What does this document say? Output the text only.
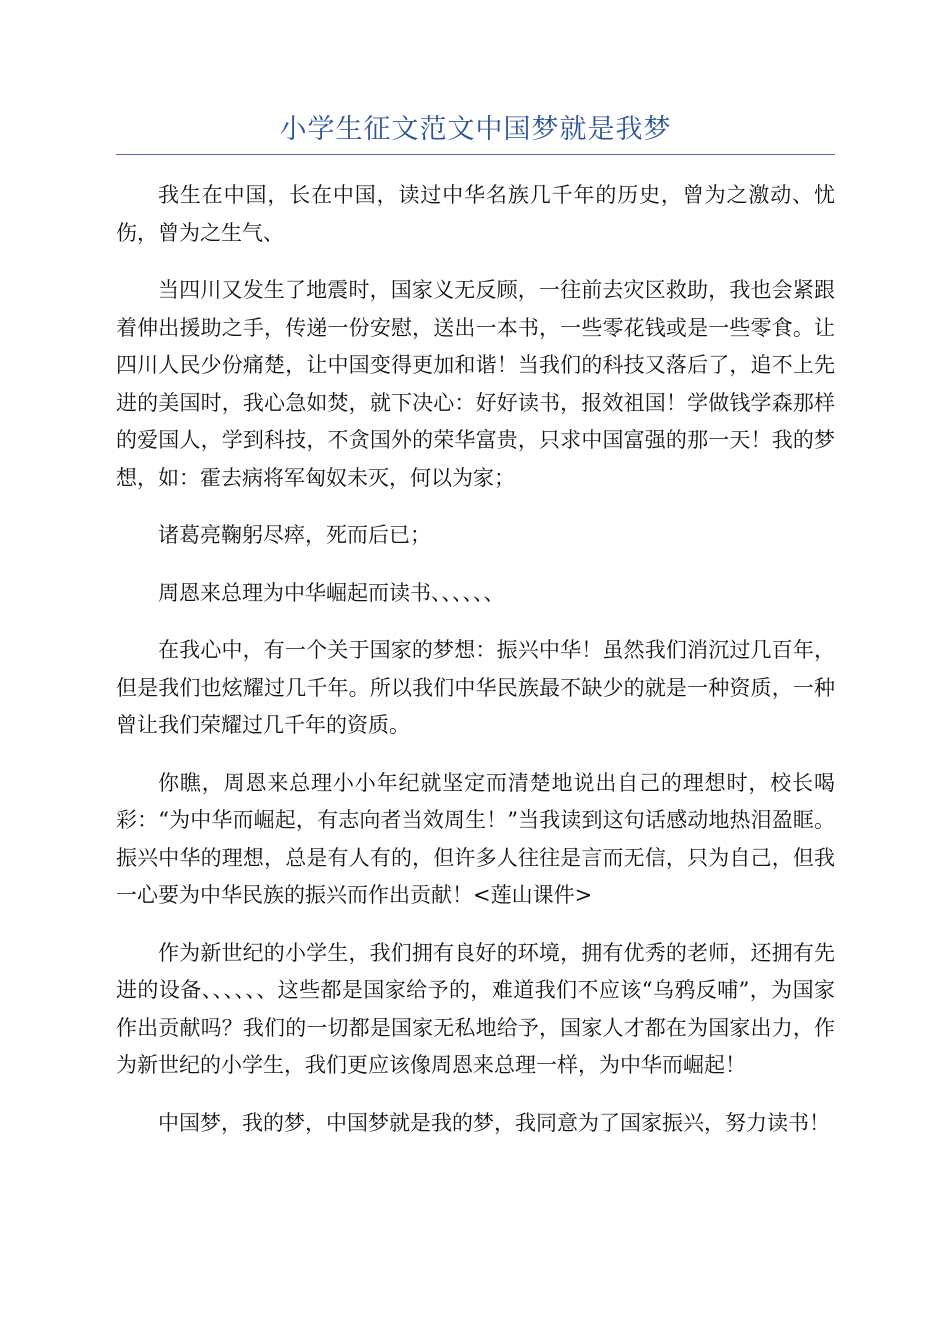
小学生征文范文中国梦就是我梦

我生在中国，长在中国，读过中华名族几千年的历史，曾为之激动、忧伤，曾为之生气、

当四川又发生了地震时，国家义无反顾，一往前去灾区救助，我也会紧跟着伸出援助之手，传递一份安慰，送出一本书，一些零花钱或是一些零食。让四川人民少份痛楚，让中国变得更加和谐！当我们的科技又落后了，追不上先进的美国时，我心急如焚，就下决心：好好读书，报效祖国！学做钱学森那样的爱国人，学到科技，不贪国外的荣华富贵，只求中国富强的那一天！我的梦想，如：霍去病将军匈奴未灭，何以为家；

诸葛亮鞠躬尽瘁，死而后已；

周恩来总理为中华崛起而读书、、、、、、

在我心中，有一个关于国家的梦想：振兴中华！虽然我们消沉过几百年，但是我们也炫耀过几千年。所以我们中华民族最不缺少的就是一种资质，一种曾让我们荣耀过几千年的资质。

你瞧，周恩来总理小小年纪就坚定而清楚地说出自己的理想时，校长喝彩：“为中华而崛起，有志向者当效周生！”当我读到这句话感动地热泪盈眶。振兴中华的理想，总是有人有的，但许多人往往是言而无信，只为自己，但我一心要为中华民族的振兴而作出贡献！<莲山课件>

作为新世纪的小学生，我们拥有良好的环境，拥有优秀的老师，还拥有先进的设备、、、、、、这些都是国家给予的，难道我们不应该“乌鸦反哺”，为国家作出贡献吗？我们的一切都是国家无私地给予，国家人才都在为国家出力，作为新世纪的小学生，我们更应该像周恩来总理一样，为中华而崛起！

中国梦，我的梦，中国梦就是我的梦，我同意为了国家振兴，努力读书！
